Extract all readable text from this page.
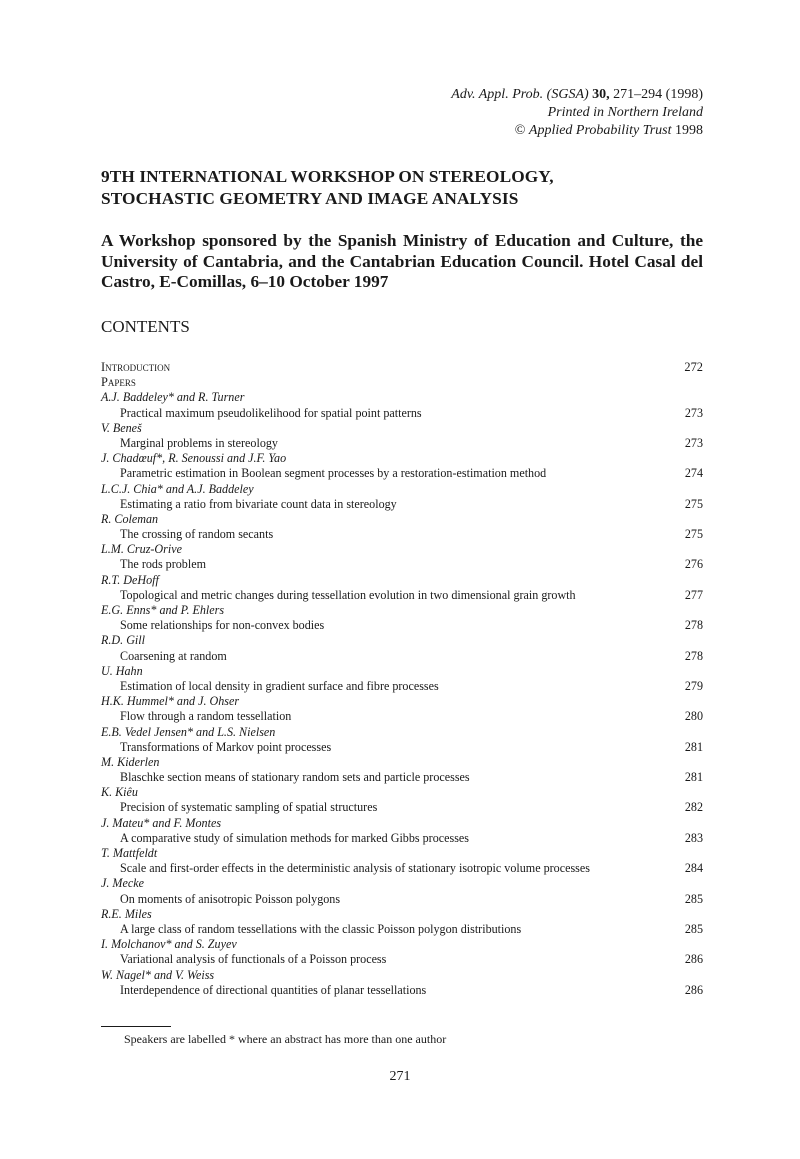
Adv. Appl. Prob. (SGSA) 30, 271–294 (1998)
Printed in Northern Ireland
© Applied Probability Trust 1998
9TH INTERNATIONAL WORKSHOP ON STEREOLOGY,
STOCHASTIC GEOMETRY AND IMAGE ANALYSIS
A Workshop sponsored by the Spanish Ministry of Education and Culture, the University of Cantabria, and the Cantabrian Education Council. Hotel Casal del Castro, E-Comillas, 6–10 October 1997
CONTENTS
Introduction	272
Papers
A.J. Baddeley* and R. Turner
Practical maximum pseudolikelihood for spatial point patterns	273
V. Beneš
Marginal problems in stereology	273
J. Chadœuf*, R. Senoussi and J.F. Yao
Parametric estimation in Boolean segment processes by a restoration-estimation method	274
L.C.J. Chia* and A.J. Baddeley
Estimating a ratio from bivariate count data in stereology	275
R. Coleman
The crossing of random secants	275
L.M. Cruz-Orive
The rods problem	276
R.T. DeHoff
Topological and metric changes during tessellation evolution in two dimensional grain growth	277
E.G. Enns* and P. Ehlers
Some relationships for non-convex bodies	278
R.D. Gill
Coarsening at random	278
U. Hahn
Estimation of local density in gradient surface and fibre processes	279
H.K. Hummel* and J. Ohser
Flow through a random tessellation	280
E.B. Vedel Jensen* and L.S. Nielsen
Transformations of Markov point processes	281
M. Kiderlen
Blaschke section means of stationary random sets and particle processes	281
K. Kiêu
Precision of systematic sampling of spatial structures	282
J. Mateu* and F. Montes
A comparative study of simulation methods for marked Gibbs processes	283
T. Mattfeldt
Scale and first-order effects in the deterministic analysis of stationary isotropic volume processes	284
J. Mecke
On moments of anisotropic Poisson polygons	285
R.E. Miles
A large class of random tessellations with the classic Poisson polygon distributions	285
I. Molchanov* and S. Zuyev
Variational analysis of functionals of a Poisson process	286
W. Nagel* and V. Weiss
Interdependence of directional quantities of planar tessellations	286
Speakers are labelled * where an abstract has more than one author
271
